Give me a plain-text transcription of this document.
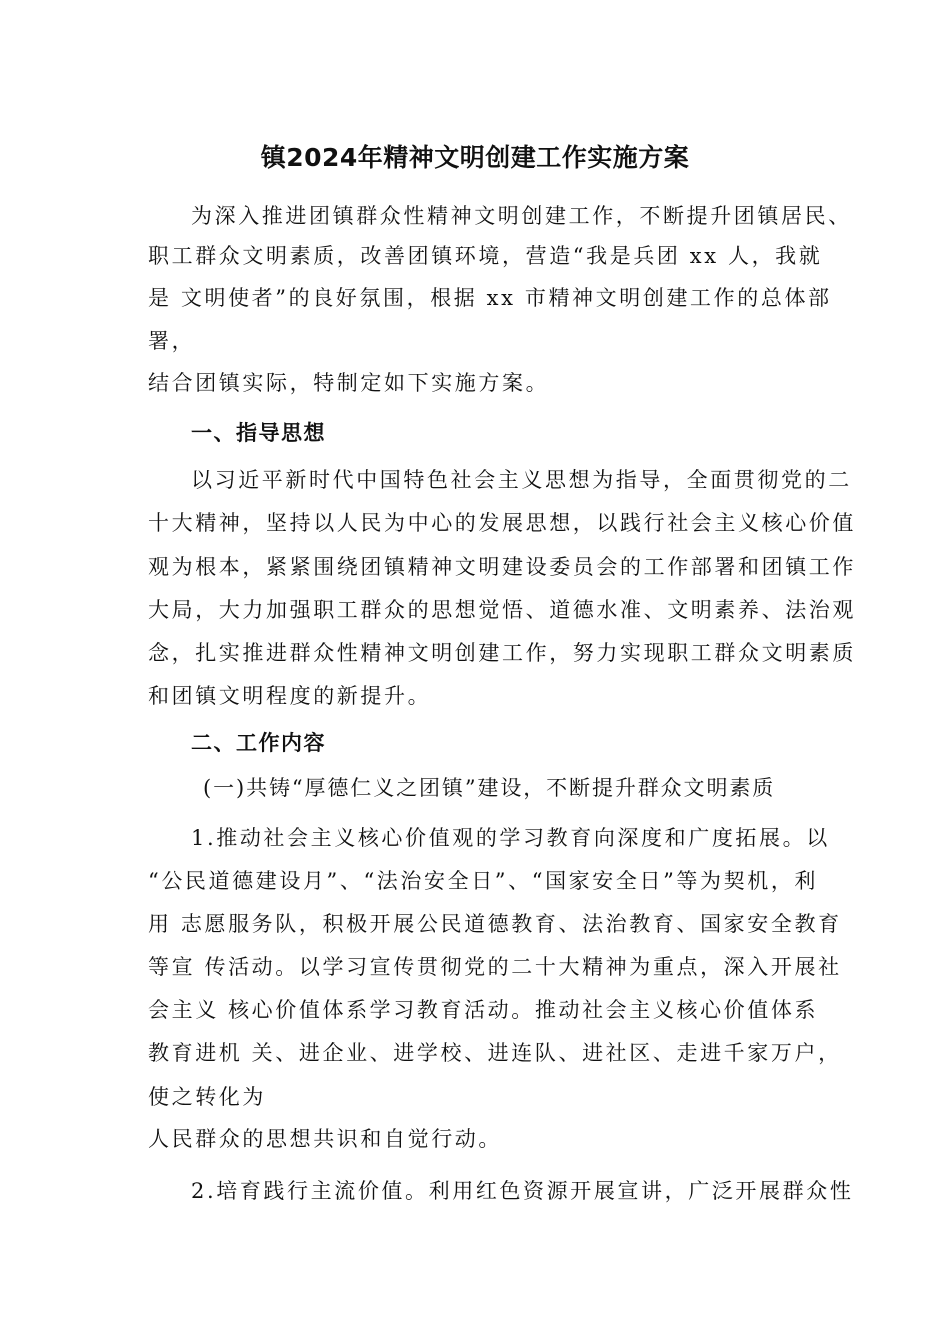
镇2024年精神文明创建工作实施方案
为深入推进团镇群众性精神文明创建工作，不断提升团镇居民、
职工群众文明素质，改善团镇环境，营造“我是兵团 xx 人，我就
是 文明使者”的良好氛围，根据 xx 市精神文明创建工作的总体部
署，
结合团镇实际，特制定如下实施方案。
一、指导思想
以习近平新时代中国特色社会主义思想为指导，全面贯彻党的二
十大精神，坚持以人民为中心的发展思想，以践行社会主义核心价值
观为根本，紧紧围绕团镇精神文明建设委员会的工作部署和团镇工作
大局，大力加强职工群众的思想觉悟、道德水准、文明素养、法治观
念，扎实推进群众性精神文明创建工作，努力实现职工群众文明素质
和团镇文明程度的新提升。
二、工作内容
(一)共铸“厚德仁义之团镇”建设，不断提升群众文明素质
1.推动社会主义核心价值观的学习教育向深度和广度拓展。以
“公民道德建设月”、“法治安全日”、“国家安全日”等为契机，利
用 志愿服务队，积极开展公民道德教育、法治教育、国家安全教育
等宣 传活动。以学习宣传贯彻党的二十大精神为重点，深入开展社
会主义 核心价值体系学习教育活动。推动社会主义核心价值体系
教育进机 关、进企业、进学校、进连队、进社区、走进千家万户，
使之转化为
人民群众的思想共识和自觉行动。
2.培育践行主流价值。利用红色资源开展宣讲，广泛开展群众性
